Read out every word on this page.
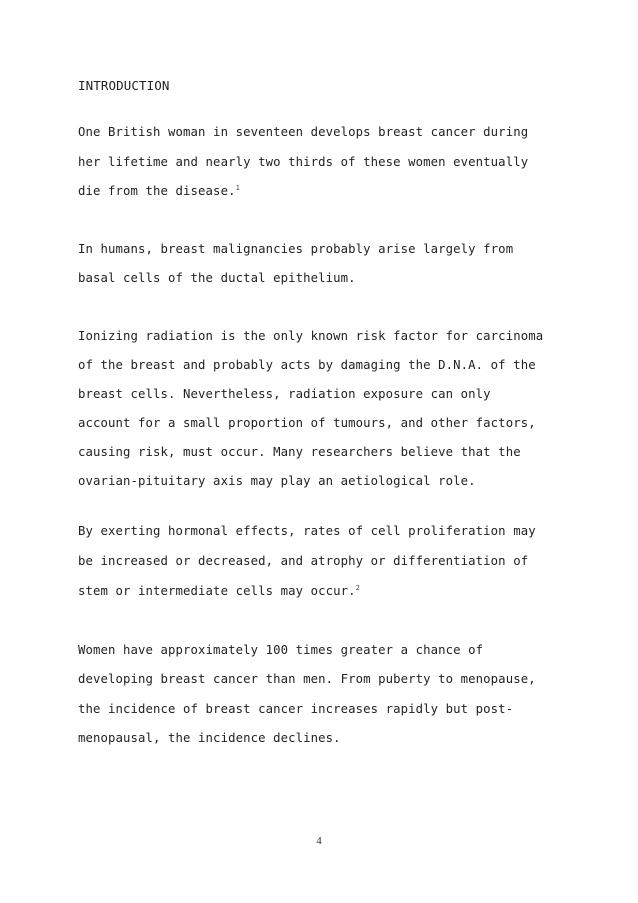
INTRODUCTION

One British woman in seventeen develops breast cancer during

her lifetime and nearly two thirds of these women eventually

die from the disease.$^1$

In humans, breast malignancies probably arise largely from

basal cells of the ductal epithelium.

Ionizing radiation is the only known risk factor for carcinoma

of the breast and probably acts by damaging the D.N.A. of the

breast cells. Nevertheless, radiation exposure can only

account for a small proportion of tumours, and other factors,

causing risk, must occur. Many researchers believe that the

ovarian-pituitary axis may play an aetiological role.

By exerting hormonal effects, rates of cell proliferation may

be increased or decreased, and atrophy or differentiation of

stem or intermediate cells may occur.$^2$

Women have approximately 100 times greater a chance of

developing breast cancer than men. From puberty to menopause,

the incidence of breast cancer increases rapidly but post-

menopausal, the incidence declines.

4
